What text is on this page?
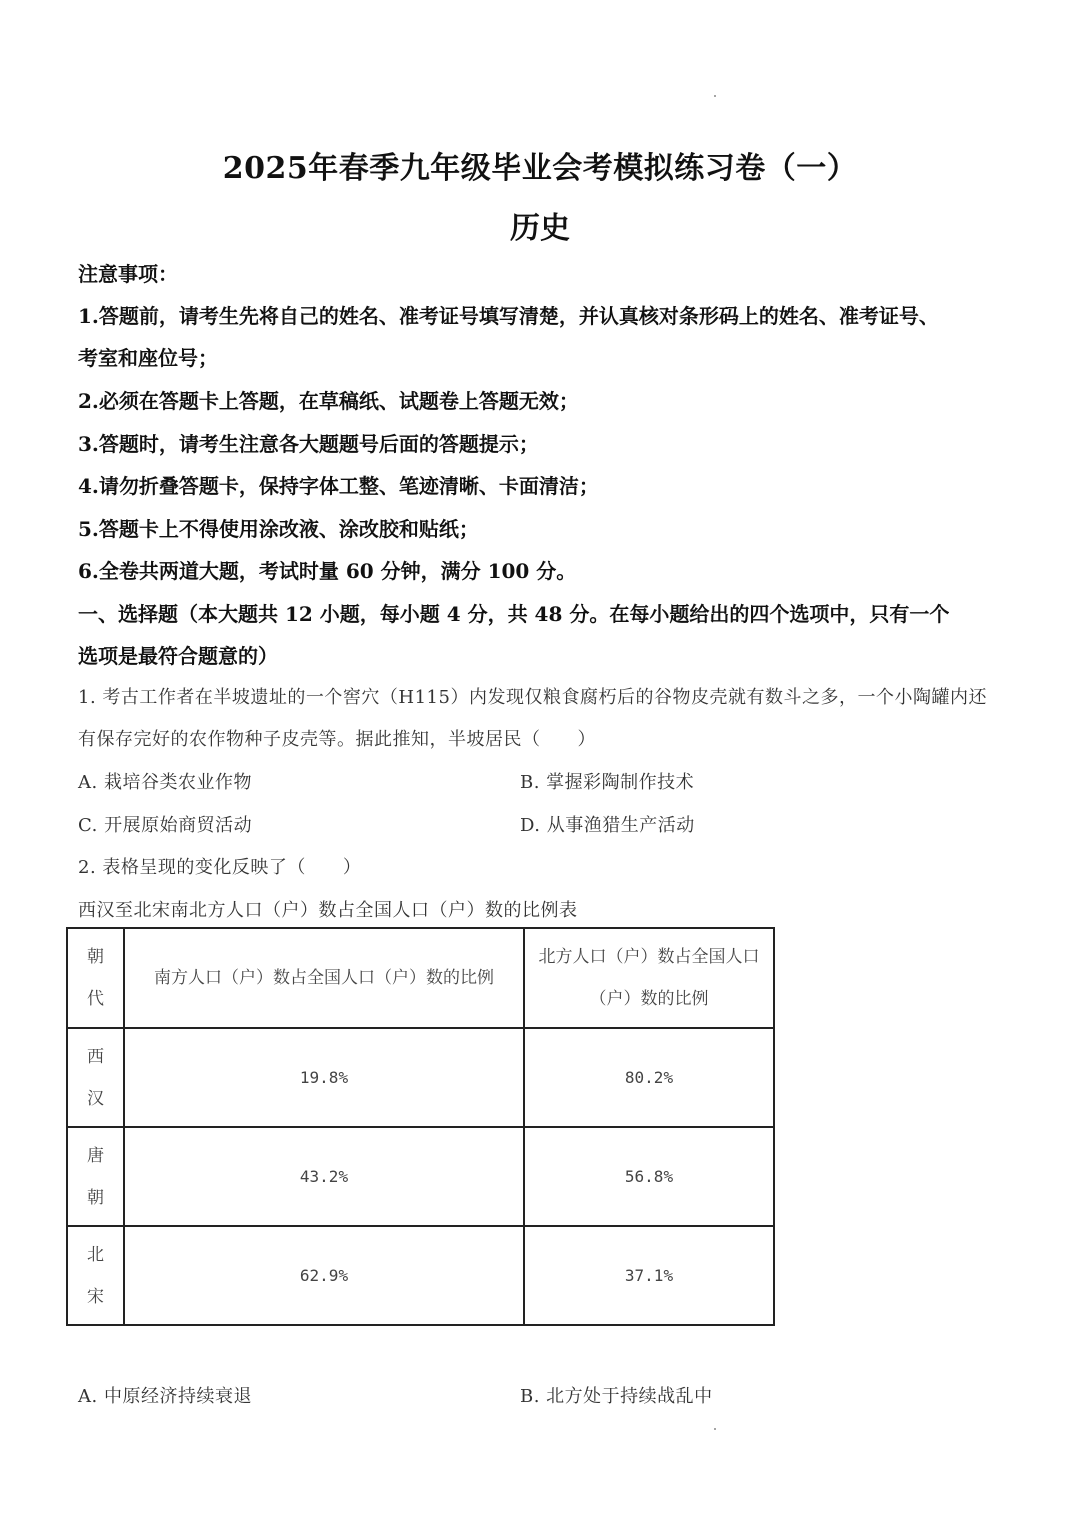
2025年春季九年级毕业会考模拟练习卷（一）
历史
注意事项：
1.答题前，请考生先将自己的姓名、准考证号填写清楚，并认真核对条形码上的姓名、准考证号、
考室和座位号；
2.必须在答题卡上答题，在草稿纸、试题卷上答题无效；
3.答题时，请考生注意各大题题号后面的答题提示；
4.请勿折叠答题卡，保持字体工整、笔迹清晰、卡面清洁；
5.答题卡上不得使用涂改液、涂改胶和贴纸；
6.全卷共两道大题，考试时量 60 分钟，满分 100 分。
一、选择题（本大题共 12 小题，每小题 4 分，共 48 分。在每小题给出的四个选项中，只有一个
选项是最符合题意的）
1. 考古工作者在半坡遗址的一个窖穴（H115）内发现仅粮食腐朽后的谷物皮壳就有数斗之多，一个小陶罐内还
有保存完好的农作物种子皮壳等。据此推知，半坡居民（　　）
A. 栽培谷类农业作物	B. 掌握彩陶制作技术
C. 开展原始商贸活动	D. 从事渔猎生产活动
2. 表格呈现的变化反映了（　　）
西汉至北宋南北方人口（户）数占全国人口（户）数的比例表
朝代	南方人口（户）数占全国人口（户）数的比例	北方人口（户）数占全国人口（户）数的比例
西汉	19.8%	80.2%
唐朝	43.2%	56.8%
北宋	62.9%	37.1%
A. 中原经济持续衰退	B. 北方处于持续战乱中
